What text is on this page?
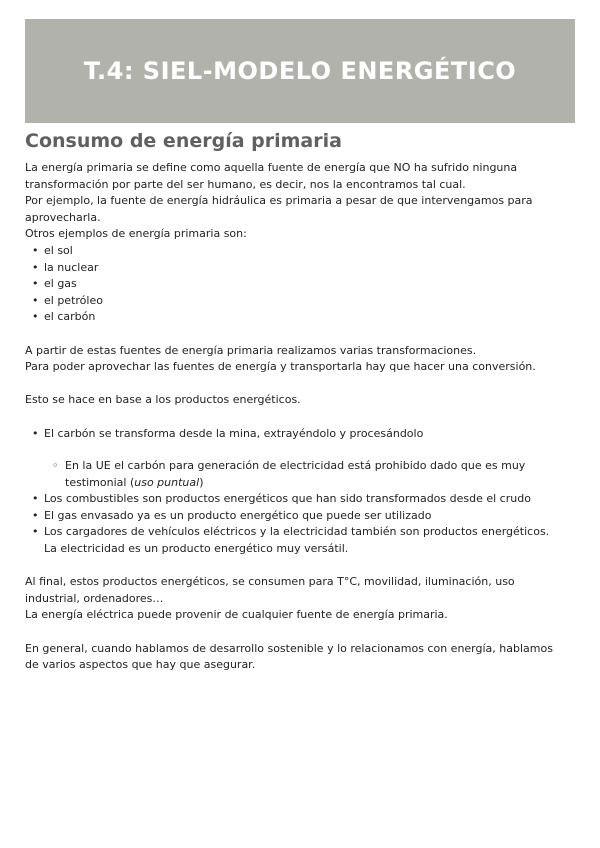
T.4: SIEL-MODELO ENERGÉTICO
Consumo de energía primaria

La energía primaria se define como aquella fuente de energía que NO ha sufrido ninguna transformación por parte del ser humano, es decir, nos la encontramos tal cual.

Por ejemplo, la fuente de energía hidráulica es primaria a pesar de que intervengamos para aprovecharla.

Otros ejemplos de energía primaria son:

• el sol
• la nuclear
• el gas
• el petróleo
• el carbón

A partir de estas fuentes de energía primaria realizamos varias transformaciones.

Para poder aprovechar las fuentes de energía y transportarla hay que hacer una conversión.

Esto se hace en base a los productos energéticos.

• El carbón se transforma desde la mina, extrayéndolo y procesándolo
◦ En la UE el carbón para generación de electricidad está prohibido dado que es muy testimonial (uso puntual)
• Los combustibles son productos energéticos que han sido transformados desde el crudo
• El gas envasado ya es un producto energético que puede ser utilizado
• Los cargadores de vehículos eléctricos y la electricidad también son productos energéticos. La electricidad es un producto energético muy versátil.

Al final, estos productos energéticos, se consumen para T°C, movilidad, iluminación, uso industrial, ordenadores…

La energía eléctrica puede provenir de cualquier fuente de energía primaria.

En general, cuando hablamos de desarrollo sostenible y lo relacionamos con energía, hablamos de varios aspectos que hay que asegurar.
